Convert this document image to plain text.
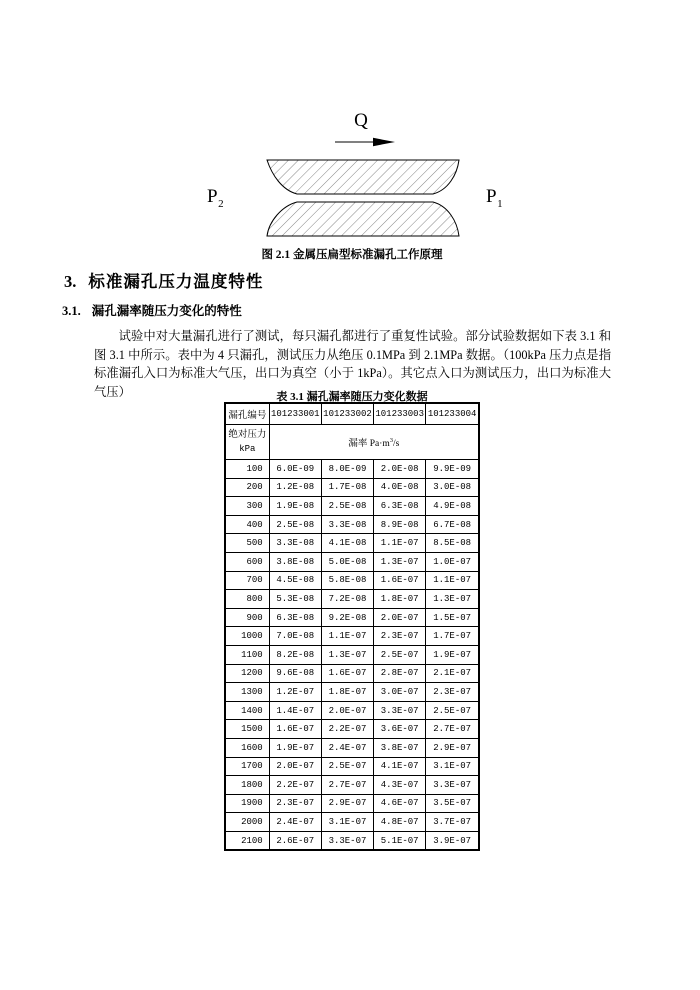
Q
$P_2$	$P_1$
图 2.1 金属压扁型标准漏孔工作原理
3. 标准漏孔压力温度特性
3.1. 漏孔漏率随压力变化的特性
试验中对大量漏孔进行了测试，每只漏孔都进行了重复性试验。部分试验数据如下表 3.1 和图 3.1 中所示。表中为 4 只漏孔，测试压力从绝压 0.1MPa 到 2.1MPa 数据。（100kPa 压力点是指标准漏孔入口为标准大气压，出口为真空（小于 1kPa）。其它点入口为测试压力，出口为标准大气压）	表 3.1 漏孔漏率随压力变化数据
漏孔编号	101233001	101233002	101233003	101233004

绝对压力
kPa	漏率 $Pa\cdot m^3/s$			
100	6.0E-09	8.0E-09	2.0E-08	9.9E-09
200	1.2E-08	1.7E-08	4.0E-08	3.0E-08
300	1.9E-08	2.5E-08	6.3E-08	4.9E-08
400	2.5E-08	3.3E-08	8.9E-08	6.7E-08
500	3.3E-08	4.1E-08	1.1E-07	8.5E-08
600	3.8E-08	5.0E-08	1.3E-07	1.0E-07
700	4.5E-08	5.8E-08	1.6E-07	1.1E-07
800	5.3E-08	7.2E-08	1.8E-07	1.3E-07
900	6.3E-08	9.2E-08	2.0E-07	1.5E-07
1000	7.0E-08	1.1E-07	2.3E-07	1.7E-07
1100	8.2E-08	1.3E-07	2.5E-07	1.9E-07
1200	9.6E-08	1.6E-07	2.8E-07	2.1E-07
1300	1.2E-07	1.8E-07	3.0E-07	2.3E-07
1400	1.4E-07	2.0E-07	3.3E-07	2.5E-07
1500	1.6E-07	2.2E-07	3.6E-07	2.7E-07
1600	1.9E-07	2.4E-07	3.8E-07	2.9E-07
1700	2.0E-07	2.5E-07	4.1E-07	3.1E-07
1800	2.2E-07	2.7E-07	4.3E-07	3.3E-07
1900	2.3E-07	2.9E-07	4.6E-07	3.5E-07
2000	2.4E-07	3.1E-07	4.8E-07	3.7E-07
2100	2.6E-07	3.3E-07	5.1E-07	3.9E-07
